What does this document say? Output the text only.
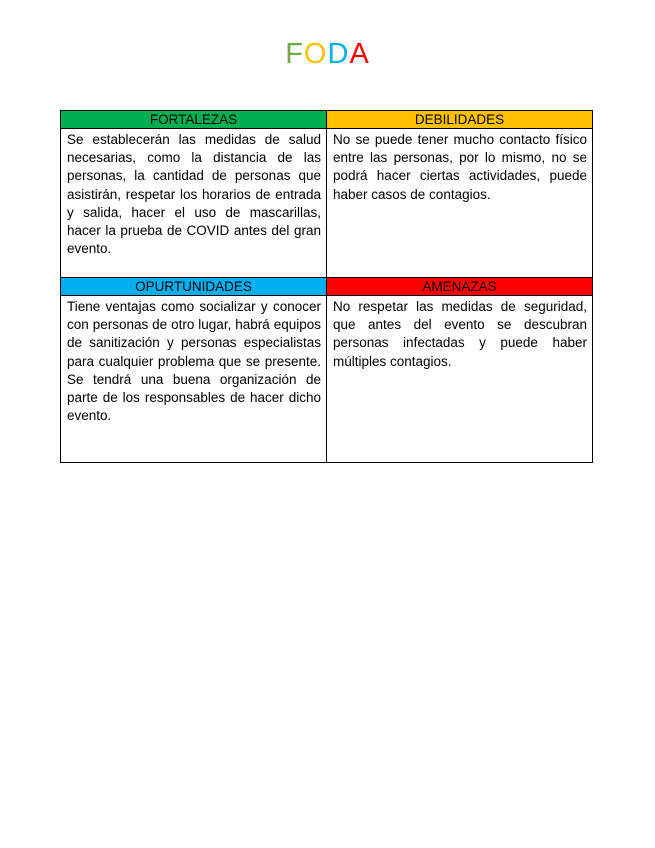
FODA
FORTALEZAS	DEBILIDADES
Se establecerán las medidas de salud necesarias, como la distancia de las personas, la cantidad de personas que asistirán, respetar los horarios de entrada y salida, hacer el uso de mascarillas, hacer la prueba de COVID antes del gran evento.	No se puede tener mucho contacto físico entre las personas, por lo mismo, no se podrá hacer ciertas actividades, puede haber casos de contagios.
OPURTUNIDADES	AMENAZAS
Tiene ventajas como socializar y conocer con personas de otro lugar, habrá equipos de sanitización y personas especialistas para cualquier problema que se presente. Se tendrá una buena organización de parte de los responsables de hacer dicho evento.	No respetar las medidas de seguridad, que antes del evento se descubran personas infectadas y puede haber múltiples contagios.
